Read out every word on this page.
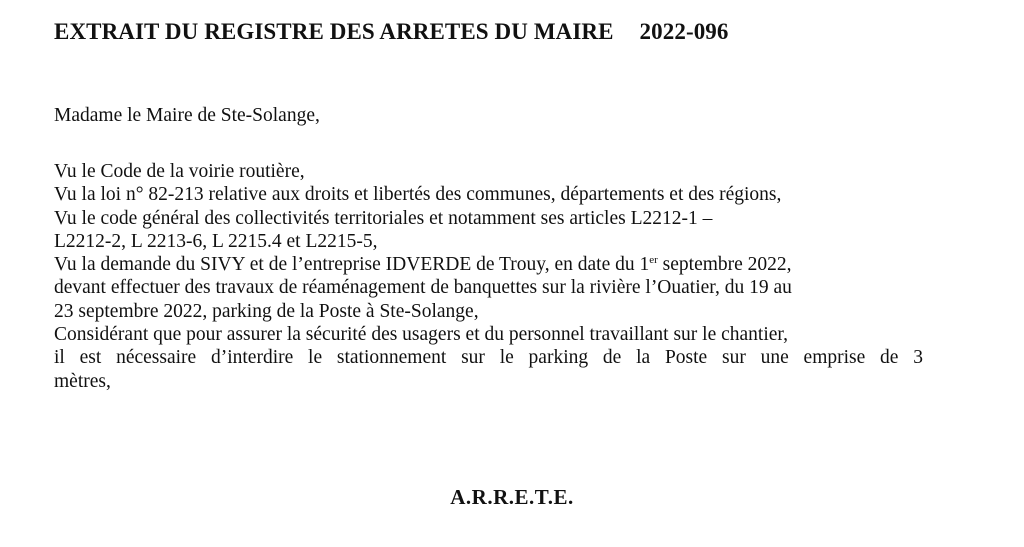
EXTRAIT DU REGISTRE DES ARRETES DU MAIRE 2022-096
Madame le Maire de Ste-Solange,
Vu le Code de la voirie routière,
Vu la loi n° 82-213 relative aux droits et libertés des communes, départements et des régions,
Vu le code général des collectivités territoriales et notamment ses articles L2212-1 –
L2212-2, L 2213-6, L 2215.4 et L2215-5,
Vu la demande du SIVY et de l’entreprise IDVERDE de Trouy, en date du 1er septembre 2022,
devant effectuer des travaux de réaménagement de banquettes sur la rivière l’Ouatier, du 19 au
23 septembre 2022, parking de la Poste à Ste-Solange,
Considérant que pour assurer la sécurité des usagers et du personnel travaillant sur le chantier,
il est nécessaire d’interdire le stationnement sur le parking de la Poste sur une emprise de 3
mètres,
A.R.R.E.T.E.
